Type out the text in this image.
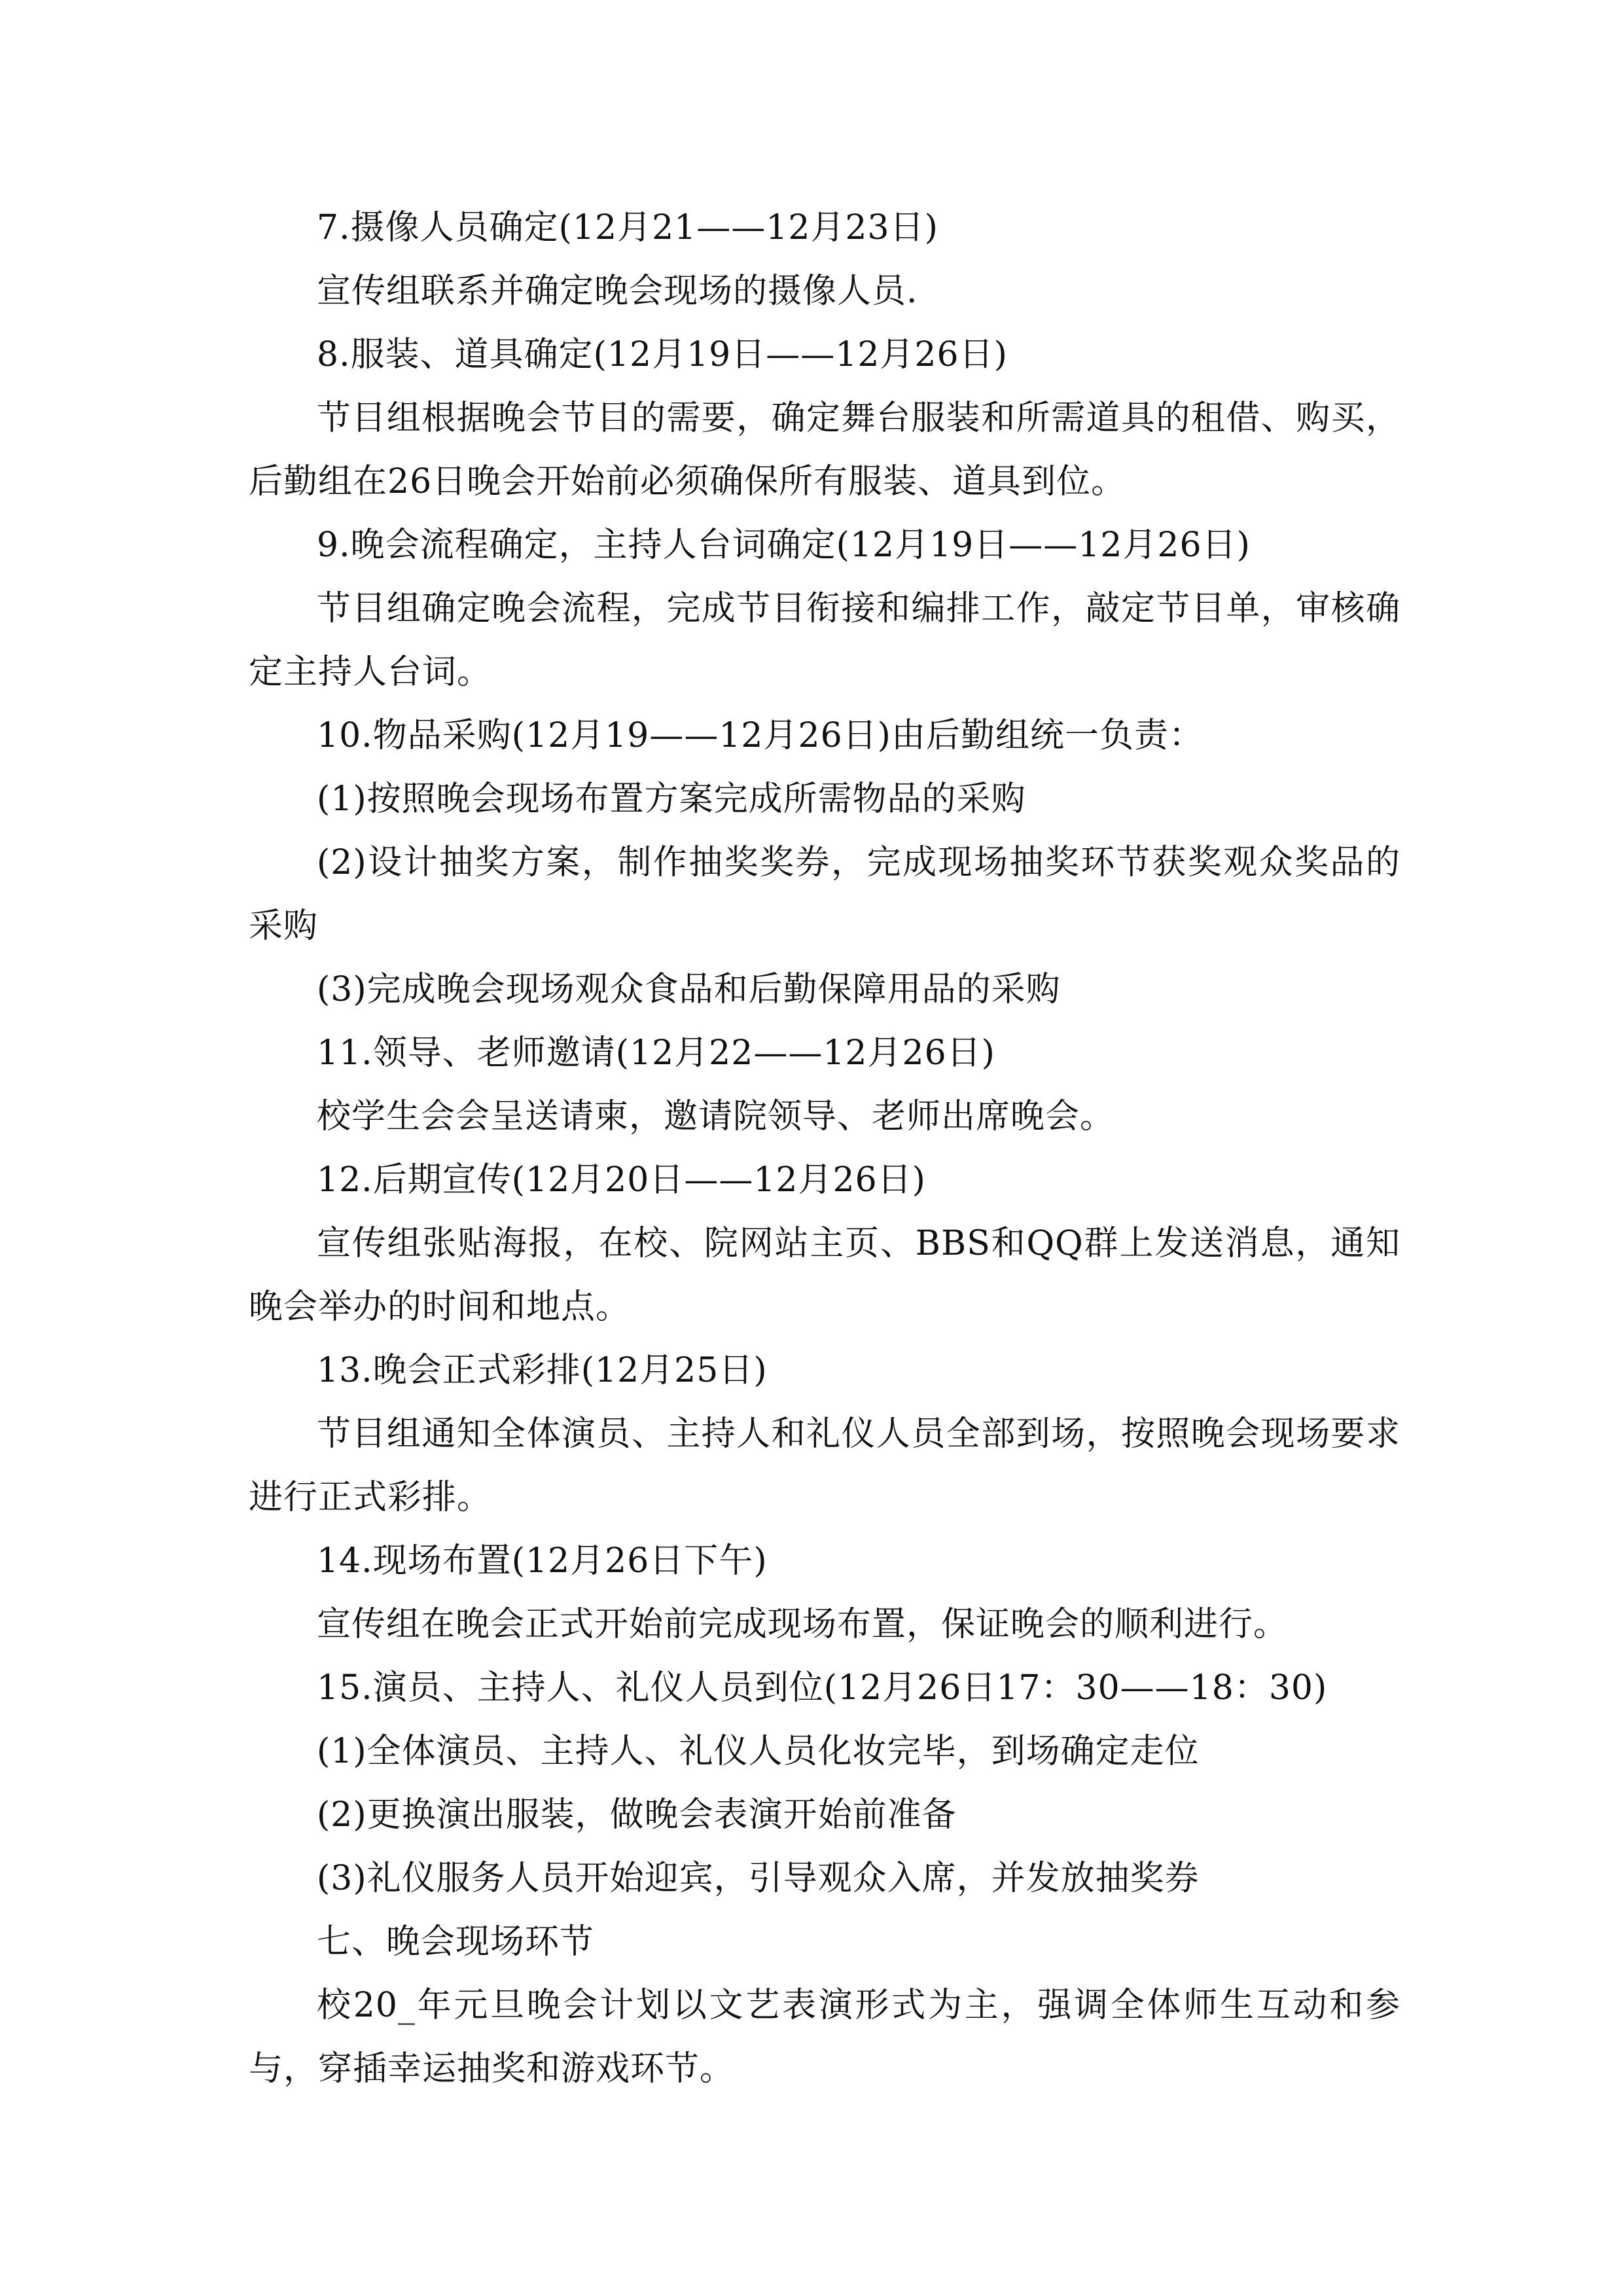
7.摄像人员确定(12月21——12月23日)

宣传组联系并确定晚会现场的摄像人员.

8.服装、道具确定(12月19日——12月26日)

节目组根据晚会节目的需要，确定舞台服装和所需道具的租借、购买，后勤组在26日晚会开始前必须确保所有服装、道具到位。

9.晚会流程确定，主持人台词确定(12月19日——12月26日)

节目组确定晚会流程，完成节目衔接和编排工作，敲定节目单，审核确定主持人台词。

10.物品采购(12月19——12月26日)由后勤组统一负责：

(1)按照晚会现场布置方案完成所需物品的采购

(2)设计抽奖方案，制作抽奖奖券，完成现场抽奖环节获奖观众奖品的采购

(3)完成晚会现场观众食品和后勤保障用品的采购

11.领导、老师邀请(12月22——12月26日)

校学生会会呈送请柬，邀请院领导、老师出席晚会。

12.后期宣传(12月20日——12月26日)

宣传组张贴海报，在校、院网站主页、BBS和QQ群上发送消息，通知晚会举办的时间和地点。

13.晚会正式彩排(12月25日)

节目组通知全体演员、主持人和礼仪人员全部到场，按照晚会现场要求进行正式彩排。

14.现场布置(12月26日下午)

宣传组在晚会正式开始前完成现场布置，保证晚会的顺利进行。

15.演员、主持人、礼仪人员到位(12月26日17：30——18：30)

(1)全体演员、主持人、礼仪人员化妆完毕，到场确定走位

(2)更换演出服装，做晚会表演开始前准备

(3)礼仪服务人员开始迎宾，引导观众入席，并发放抽奖券

七、晚会现场环节

校20_年元旦晚会计划以文艺表演形式为主，强调全体师生互动和参与，穿插幸运抽奖和游戏环节。
